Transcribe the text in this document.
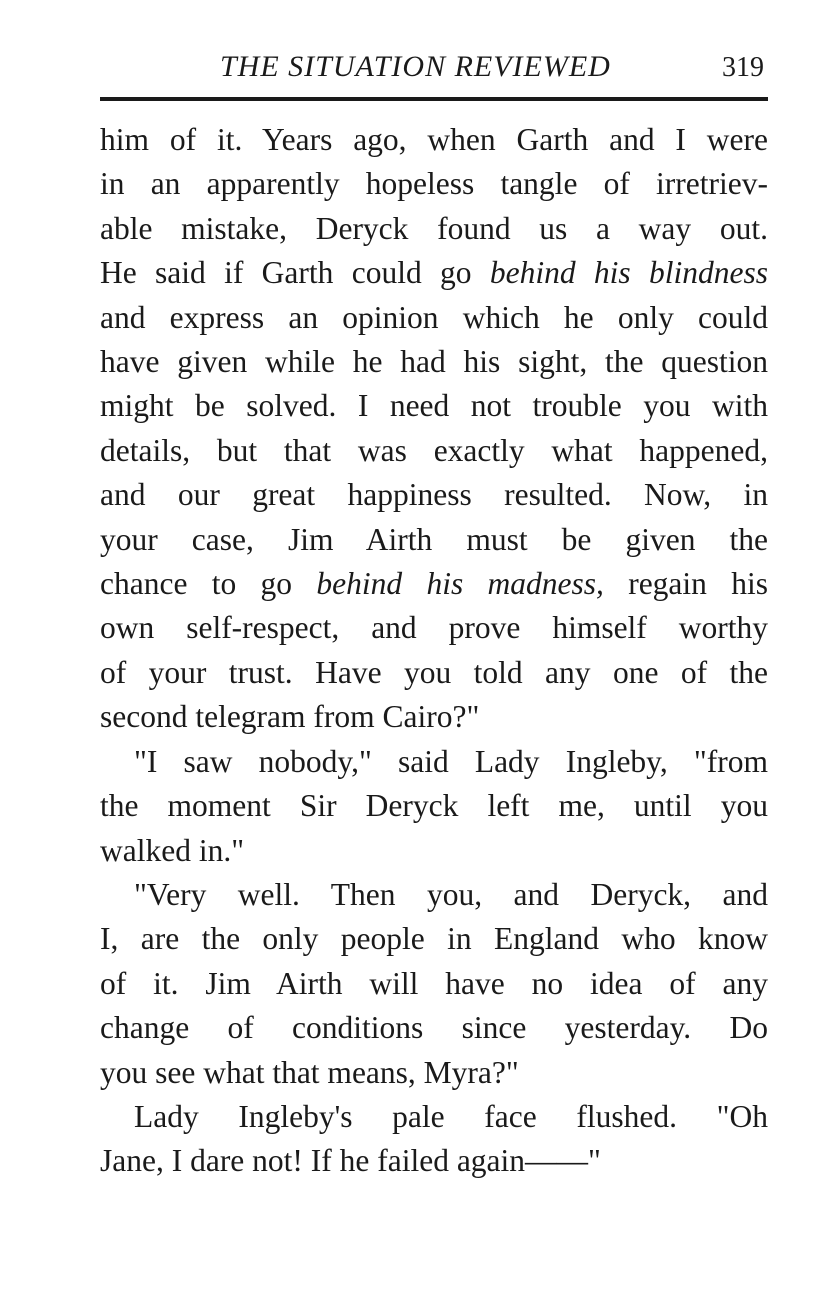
THE SITUATION REVIEWED	319

him of it. Years ago, when Garth and I were

in an apparently hopeless tangle of irretriev-

able mistake, Deryck found us a way out.

He said if Garth could go behind his blindness

and express an opinion which he only could

have given while he had his sight, the question

might be solved. I need not trouble you with

details, but that was exactly what happened,

and our great happiness resulted. Now, in

your case, Jim Airth must be given the

chance to go behind his madness, regain his

own self-respect, and prove himself worthy

of your trust. Have you told any one of the

second telegram from Cairo?"

"I saw nobody," said Lady Ingleby, "from

the moment Sir Deryck left me, until you

walked in."

"Very well. Then you, and Deryck, and

I, are the only people in England who know

of it. Jim Airth will have no idea of any

change of conditions since yesterday. Do

you see what that means, Myra?"

Lady Ingleby's pale face flushed. "Oh

Jane, I dare not! If he failed again——"
